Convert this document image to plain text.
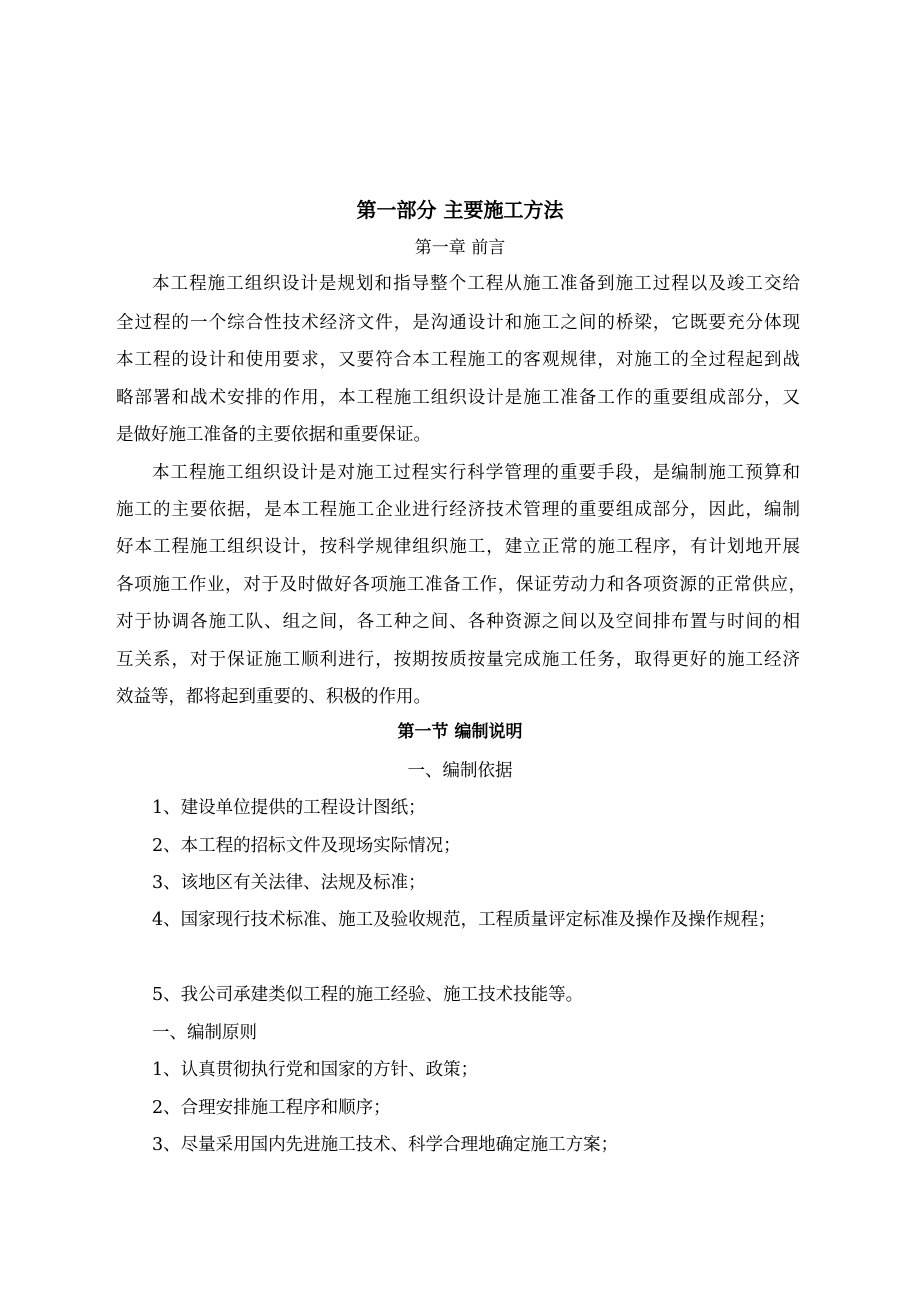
第一部分 主要施工方法
第一章 前言
本工程施工组织设计是规划和指导整个工程从施工准备到施工过程以及竣工交给
全过程的一个综合性技术经济文件，是沟通设计和施工之间的桥梁，它既要充分体现
本工程的设计和使用要求，又要符合本工程施工的客观规律，对施工的全过程起到战
略部署和战术安排的作用，本工程施工组织设计是施工准备工作的重要组成部分，又
是做好施工准备的主要依据和重要保证。
本工程施工组织设计是对施工过程实行科学管理的重要手段，是编制施工预算和
施工的主要依据，是本工程施工企业进行经济技术管理的重要组成部分，因此，编制
好本工程施工组织设计，按科学规律组织施工，建立正常的施工程序，有计划地开展
各项施工作业，对于及时做好各项施工准备工作，保证劳动力和各项资源的正常供应，
对于协调各施工队、组之间，各工种之间、各种资源之间以及空间排布置与时间的相
互关系，对于保证施工顺利进行，按期按质按量完成施工任务，取得更好的施工经济
效益等，都将起到重要的、积极的作用。
第一节 编制说明
一、编制依据
1、建设单位提供的工程设计图纸；
2、本工程的招标文件及现场实际情况；
3、该地区有关法律、法规及标准；
4、国家现行技术标准、施工及验收规范，工程质量评定标准及操作及操作规程；
5、我公司承建类似工程的施工经验、施工技术技能等。
一、编制原则
1、认真贯彻执行党和国家的方针、政策；
2、合理安排施工程序和顺序；
3、尽量采用国内先进施工技术、科学合理地确定施工方案；
